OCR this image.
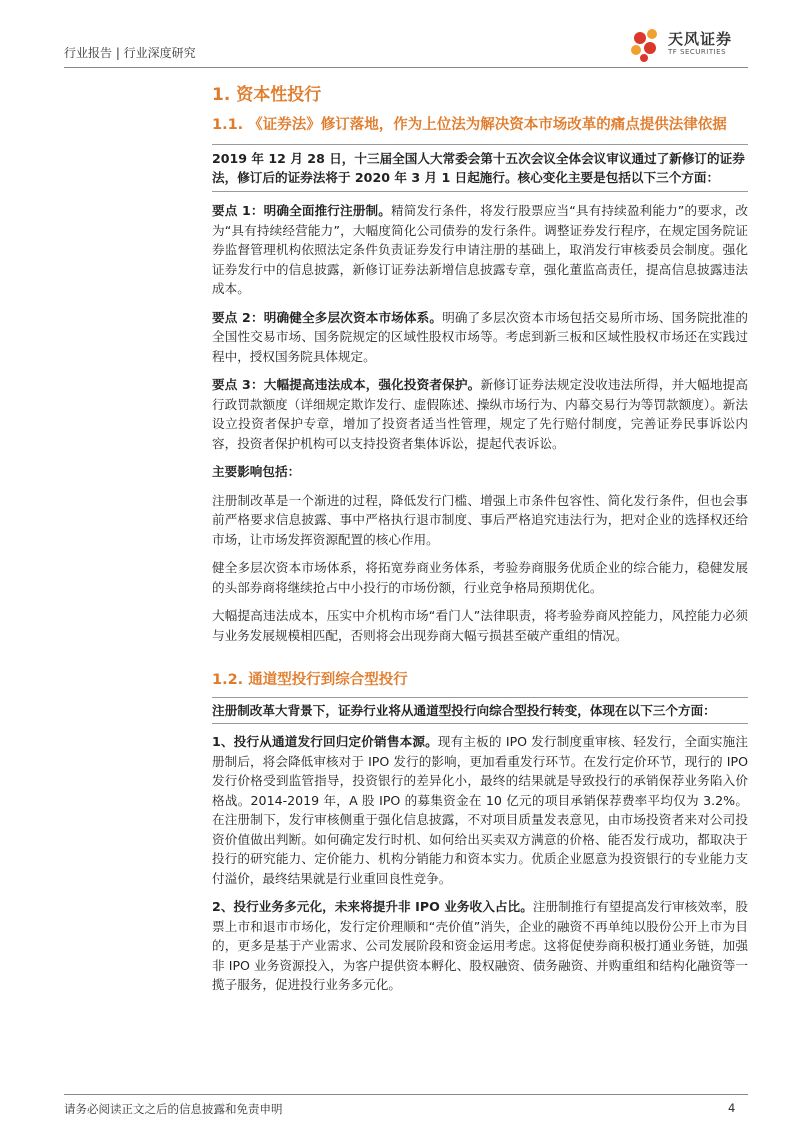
行业报告 | 行业深度研究
天风证券
TF SECURITIES
1. 资本性投行
1.1. 《证券法》修订落地，作为上位法为解决资本市场改革的痛点提供法律依据
2019 年 12 月 28 日，十三届全国人大常委会第十五次会议全体会议审议通过了新修订的证券法，修订后的证券法将于 2020 年 3 月 1 日起施行。核心变化主要是包括以下三个方面：

要点 1：明确全面推行注册制。精简发行条件，将发行股票应当“具有持续盈利能力”的要求，改为“具有持续经营能力”，大幅度简化公司债券的发行条件。调整证券发行程序，在规定国务院证券监督管理机构依照法定条件负责证券发行申请注册的基础上，取消发行审核委员会制度。强化证券发行中的信息披露，新修订证券法新增信息披露专章，强化董监高责任，提高信息披露违法成本。

要点 2：明确健全多层次资本市场体系。明确了多层次资本市场包括交易所市场、国务院批准的全国性交易市场、国务院规定的区域性股权市场等。考虑到新三板和区域性股权市场还在实践过程中，授权国务院具体规定。

要点 3：大幅提高违法成本，强化投资者保护。新修订证券法规定没收违法所得，并大幅地提高行政罚款额度（详细规定欺诈发行、虚假陈述、操纵市场行为、内幕交易行为等罚款额度）。新法设立投资者保护专章，增加了投资者适当性管理，规定了先行赔付制度，完善证券民事诉讼内容，投资者保护机构可以支持投资者集体诉讼，提起代表诉讼。

主要影响包括：

注册制改革是一个渐进的过程，降低发行门槛、增强上市条件包容性、简化发行条件，但也会事前严格要求信息披露、事中严格执行退市制度、事后严格追究违法行为，把对企业的选择权还给市场，让市场发挥资源配置的核心作用。

健全多层次资本市场体系，将拓宽券商业务体系，考验券商服务优质企业的综合能力，稳健发展的头部券商将继续抢占中小投行的市场份额，行业竞争格局预期优化。

大幅提高违法成本，压实中介机构市场“看门人”法律职责，将考验券商风控能力，风控能力必须与业务发展规模相匹配，否则将会出现券商大幅亏损甚至破产重组的情况。

1.2. 通道型投行到综合型投行
注册制改革大背景下，证券行业将从通道型投行向综合型投行转变，体现在以下三个方面：

1、投行从通道发行回归定价销售本源。现有主板的 IPO 发行制度重审核、轻发行，全面实施注册制后，将会降低审核对于 IPO 发行的影响，更加看重发行环节。在发行定价环节，现行的 IPO 发行价格受到监管指导，投资银行的差异化小，最终的结果就是导致投行的承销保荐业务陷入价格战。2014-2019 年，A 股 IPO 的募集资金在 10 亿元的项目承销保荐费率平均仅为 3.2%。在注册制下，发行审核侧重于强化信息披露，不对项目质量发表意见，由市场投资者来对公司投资价值做出判断。如何确定发行时机、如何给出买卖双方满意的价格、能否发行成功，都取决于投行的研究能力、定价能力、机构分销能力和资本实力。优质企业愿意为投资银行的专业能力支付溢价，最终结果就是行业重回良性竞争。

2、投行业务多元化，未来将提升非 IPO 业务收入占比。注册制推行有望提高发行审核效率，股票上市和退市市场化，发行定价理顺和“壳价值”消失，企业的融资不再单纯以股份公开上市为目的，更多是基于产业需求、公司发展阶段和资金运用考虑。这将促使券商积极打通业务链，加强非 IPO 业务资源投入，为客户提供资本孵化、股权融资、债务融资、并购重组和结构化融资等一揽子服务，促进投行业务多元化。

请务必阅读正文之后的信息披露和免责申明	4
